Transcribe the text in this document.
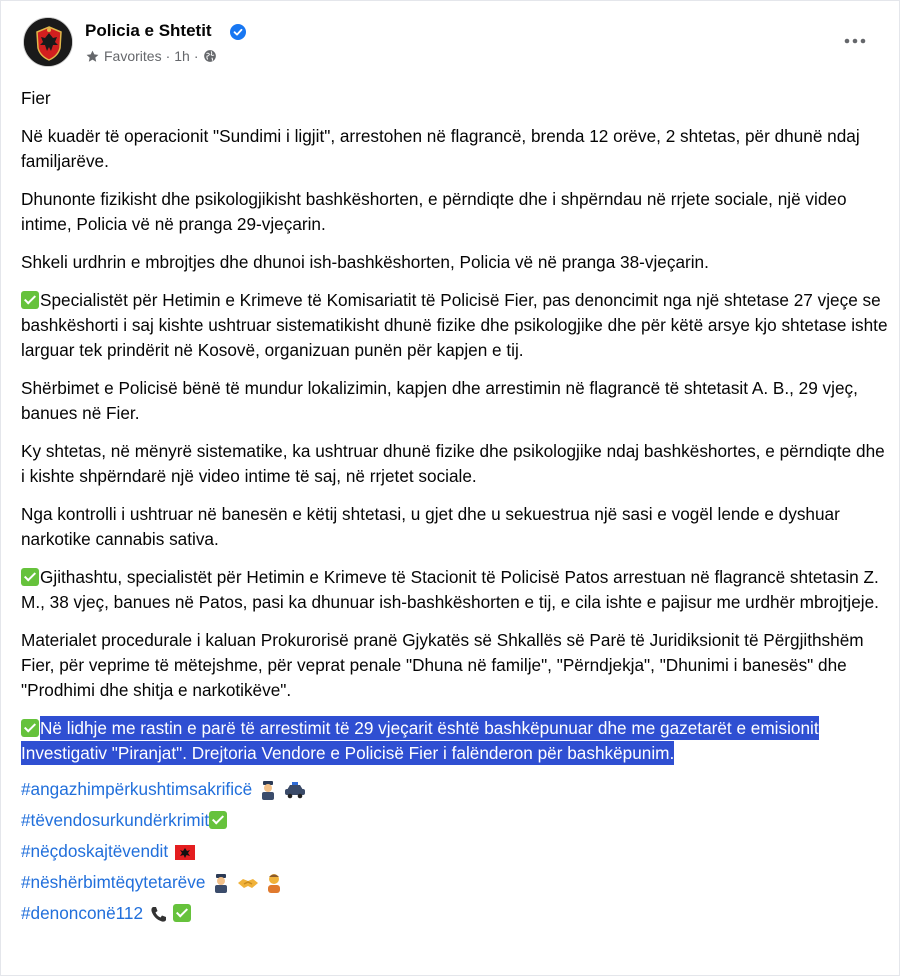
Policia e Shtetit
Favorites · 1h ·

Fier

Në kuadër të operacionit "Sundimi i ligjit", arrestohen në flagrancë, brenda 12 orëve, 2 shtetas, për dhunë ndaj familjarëve.

Dhunonte fizikisht dhe psikologjikisht bashkëshorten, e përndiqte dhe i shpërndau në rrjete sociale, një video intime, Policia vë në pranga 29-vjeçarin.

Shkeli urdhrin e mbrojtjes dhe dhunoi ish-bashkëshorten, Policia vë në pranga 38-vjeçarin.

Specialistët për Hetimin e Krimeve të Komisariatit të Policisë Fier, pas denoncimit nga një shtetase 27 vjeçe se bashkëshorti i saj kishte ushtruar sistematikisht dhunë fizike dhe psikologjike dhe për këtë arsye kjo shtetase ishte larguar tek prindërit në Kosovë, organizuan punën për kapjen e tij.

Shërbimet e Policisë bënë të mundur lokalizimin, kapjen dhe arrestimin në flagrancë të shtetasit A. B., 29 vjeç, banues në Fier.

Ky shtetas, në mënyrë sistematike, ka ushtruar dhunë fizike dhe psikologjike ndaj bashkëshortes, e përndiqte dhe i kishte shpërndarë një video intime të saj, në rrjetet sociale.

Nga kontrolli i ushtruar në banesën e këtij shtetasi, u gjet dhe u sekuestrua një sasi e vogël lende e dyshuar narkotike cannabis sativa.

Gjithashtu, specialistët për Hetimin e Krimeve të Stacionit të Policisë Patos arrestuan në flagrancë shtetasin Z. M., 38 vjeç, banues në Patos, pasi ka dhunuar ish-bashkëshorten e tij, e cila ishte e pajisur me urdhër mbrojtjeje.

Materialet procedurale i kaluan Prokurorisë pranë Gjykatës së Shkallës së Parë të Juridiksionit të Përgjithshëm Fier, për veprime të mëtejshme, për veprat penale "Dhuna në familje", "Përndjekja", "Dhunimi i banesës" dhe "Prodhimi dhe shitja e narkotikëve".

Në lidhje me rastin e parë të arrestimit të 29 vjeçarit është bashkëpunuar dhe me gazetarët e emisionit Investigativ "Piranjat". Drejtoria Vendore e Policisë Fier i falënderon për bashkëpunim.

#angazhimpërkushtimsakrificë
#tëvendosurkundërkrimit
#nëçdoskajtëvendit
#nëshërbimtëqytetarëve
#denonconë112
